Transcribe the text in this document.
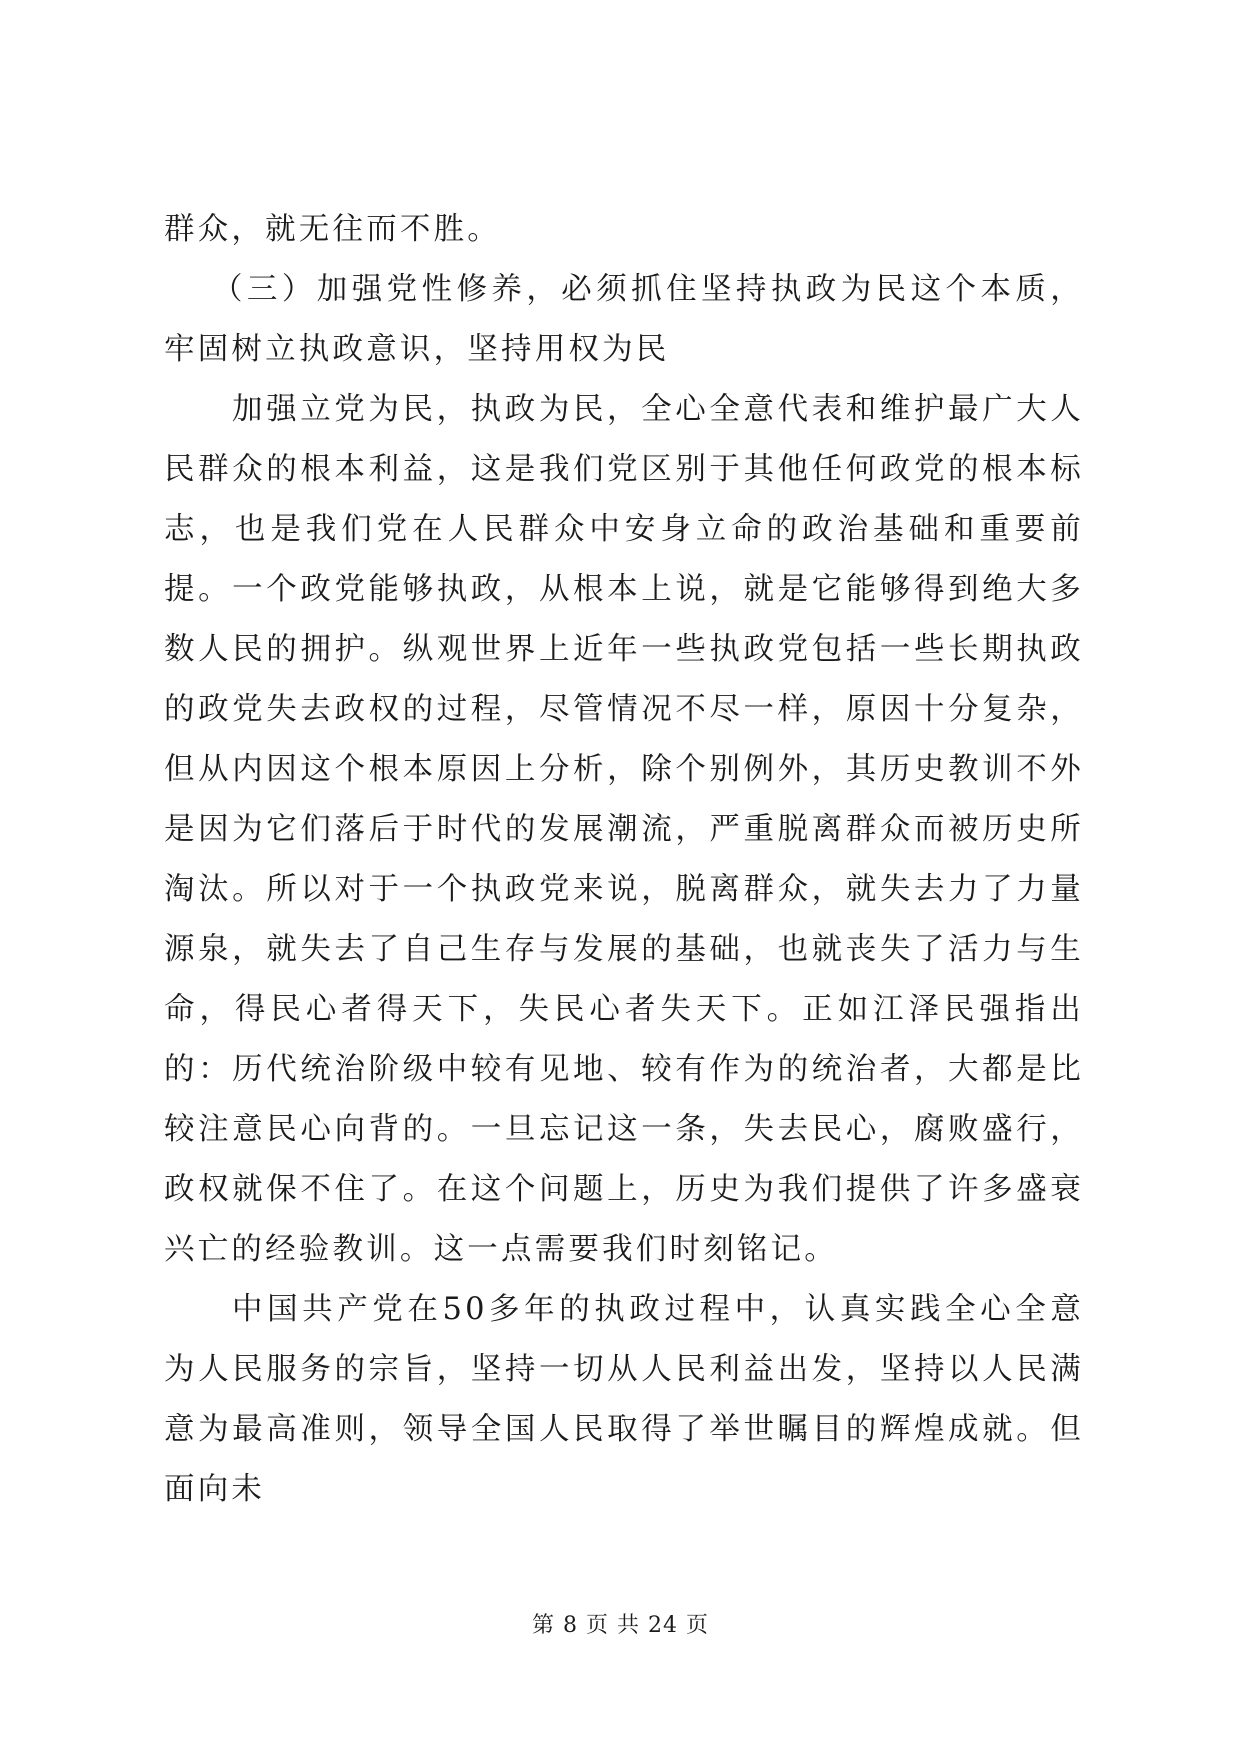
群众，就无往而不胜。

（三）加强党性修养，必须抓住坚持执政为民这个本质，牢固树立执政意识，坚持用权为民

加强立党为民，执政为民，全心全意代表和维护最广大人民群众的根本利益，这是我们党区别于其他任何政党的根本标志，也是我们党在人民群众中安身立命的政治基础和重要前提。一个政党能够执政，从根本上说，就是它能够得到绝大多数人民的拥护。纵观世界上近年一些执政党包括一些长期执政的政党失去政权的过程，尽管情况不尽一样，原因十分复杂，但从内因这个根本原因上分析，除个别例外，其历史教训不外是因为它们落后于时代的发展潮流，严重脱离群众而被历史所淘汰。所以对于一个执政党来说，脱离群众，就失去力了力量源泉，就失去了自己生存与发展的基础，也就丧失了活力与生命，得民心者得天下，失民心者失天下。正如江泽民强指出的：历代统治阶级中较有见地、较有作为的统治者，大都是比较注意民心向背的。一旦忘记这一条，失去民心，腐败盛行，政权就保不住了。在这个问题上，历史为我们提供了许多盛衰兴亡的经验教训。这一点需要我们时刻铭记。

中国共产党在50多年的执政过程中，认真实践全心全意为人民服务的宗旨，坚持一切从人民利益出发，坚持以人民满意为最高准则，领导全国人民取得了举世瞩目的辉煌成就。但面向未

第 8 页 共 24 页
